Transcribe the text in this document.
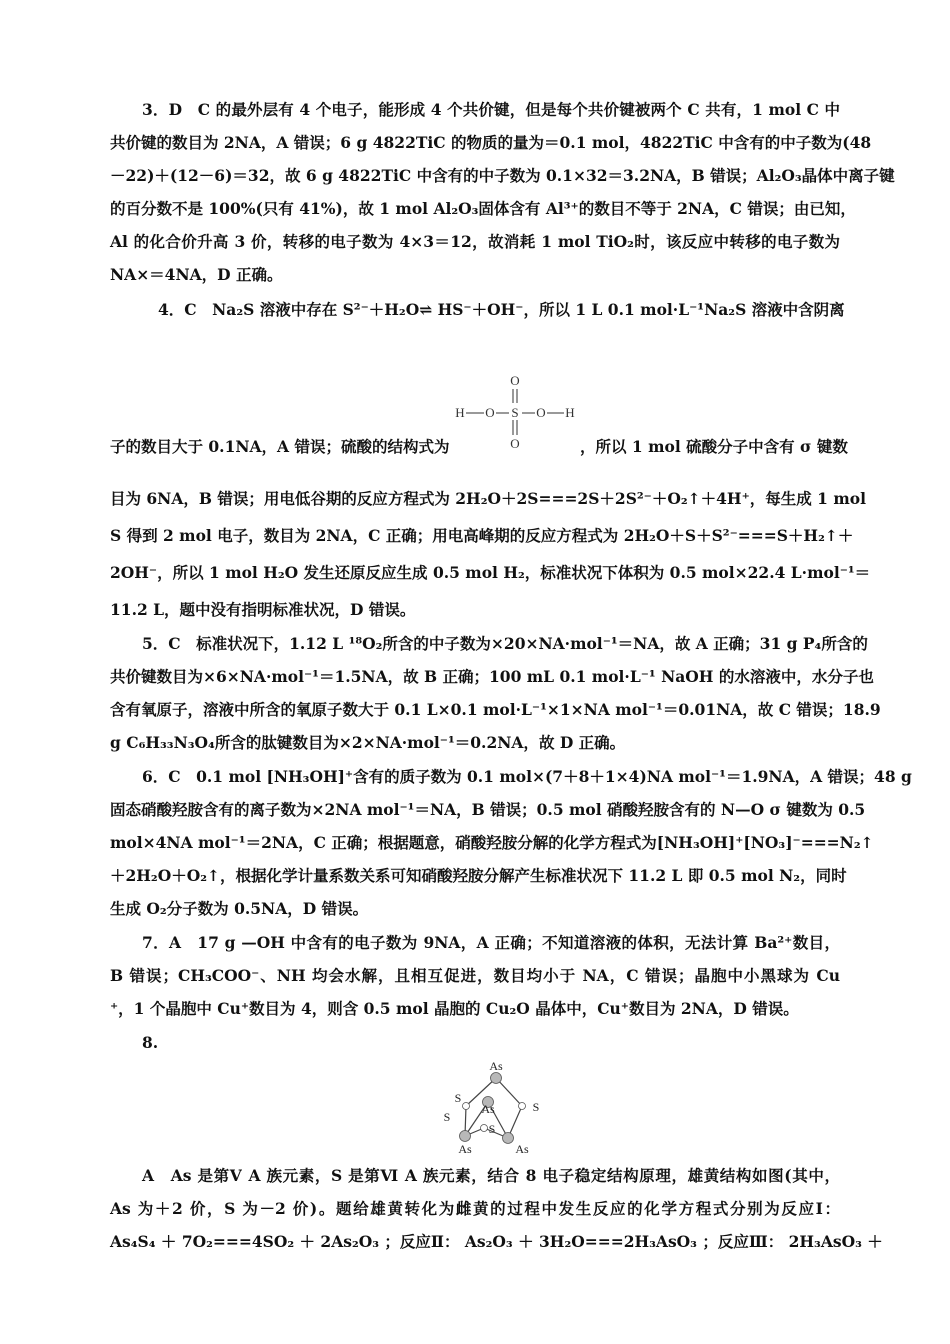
3．D　C 的最外层有 4 个电子，能形成 4 个共价键，但是每个共价键被两个 C 共有，1 mol C 中
共价键的数目为 2NA，A 错误；6 g 4822TiC 的物质的量为＝0.1 mol，4822TiC 中含有的中子数为(48
－22)＋(12－6)＝32，故 6 g 4822TiC 中含有的中子数为 0.1×32＝3.2NA，B 错误；Al₂O₃晶体中离子键
的百分数不是 100%(只有 41%)，故 1 mol Al₂O₃固体含有 Al³⁺的数目不等于 2NA，C 错误；由已知，
Al 的化合价升高 3 价，转移的电子数为 4×3＝12，故消耗 1 mol TiO₂时，该反应中转移的电子数为
NA×＝4NA，D 正确。
4．C　Na₂S 溶液中存在 S²⁻＋H₂O⇌ HS⁻＋OH⁻，所以 1 L 0.1 mol·L⁻¹Na₂S 溶液中含阴离
子的数目大于 0.1NA，A 错误；硫酸的结构式为	，所以 1 mol 硫酸分子中含有 σ 键数
O
H O S O H
O
目为 6NA，B 错误；用电低谷期的反应方程式为 2H₂O＋2S===2S＋2S²⁻＋O₂↑＋4H⁺，每生成 1 mol
S 得到 2 mol 电子，数目为 2NA，C 正确；用电高峰期的反应方程式为 2H₂O＋S＋S²⁻===S＋H₂↑＋
2OH⁻，所以 1 mol H₂O 发生还原反应生成 0.5 mol H₂，标准状况下体积为 0.5 mol×22.4 L·mol⁻¹＝
11.2 L，题中没有指明标准状况，D 错误。
5．C　标准状况下，1.12 L ¹⁸O₂所含的中子数为×20×NA·mol⁻¹＝NA，故 A 正确；31 g P₄所含的
共价键数目为×6×NA·mol⁻¹＝1.5NA，故 B 正确；100 mL 0.1 mol·L⁻¹ NaOH 的水溶液中，水分子也
含有氧原子，溶液中所含的氧原子数大于 0.1 L×0.1 mol·L⁻¹×1×NA mol⁻¹＝0.01NA，故 C 错误；18.9
g C₆H₃₃N₃O₄所含的肽键数目为×2×NA·mol⁻¹＝0.2NA，故 D 正确。
6．C　0.1 mol [NH₃OH]⁺含有的质子数为 0.1 mol×(7＋8＋1×4)NA mol⁻¹＝1.9NA，A 错误；48 g
固态硝酸羟胺含有的离子数为×2NA mol⁻¹＝NA，B 错误；0.5 mol 硝酸羟胺含有的 N—O σ 键数为 0.5
mol×4NA mol⁻¹＝2NA，C 正确；根据题意，硝酸羟胺分解的化学方程式为[NH₃OH]⁺[NO₃]⁻===N₂↑
＋2H₂O＋O₂↑，根据化学计量系数关系可知硝酸羟胺分解产生标准状况下 11.2 L 即 0.5 mol N₂，同时
生成 O₂分子数为 0.5NA，D 错误。
7．A　17 g —OH 中含有的电子数为 9NA，A 正确；不知道溶液的体积，无法计算 Ba²⁺数目，
B 错误；CH₃COO⁻、NH 均会水解，且相互促进，数目均小于 NA，C 错误；晶胞中小黑球为 Cu
⁺，1 个晶胞中 Cu⁺数目为 4，则含 0.5 mol 晶胞的 Cu₂O 晶体中，Cu⁺数目为 2NA，D 错误。
8.
As
S
S
As
S
S
As	As
A　As 是第Ⅴ A 族元素，S 是第Ⅵ A 族元素，结合 8 电子稳定结构原理，雄黄结构如图(其中，
As 为＋2 价，S 为－2 价)。题给雄黄转化为雌黄的过程中发生反应的化学方程式分别为反应Ⅰ：
As₄S₄ ＋ 7O₂===4SO₂ ＋ 2As₂O₃ ；反应Ⅱ： As₂O₃ ＋ 3H₂O===2H₃AsO₃ ；反应Ⅲ： 2H₃AsO₃ ＋
